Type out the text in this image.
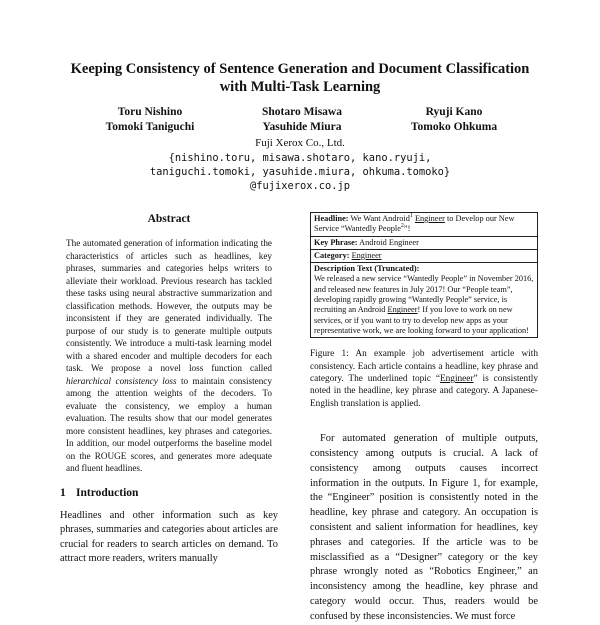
Keeping Consistency of Sentence Generation and Document Classification
with Multi-Task Learning
Toru Nishino
Tomoki Taniguchi
Shotaro Misawa
Yasuhide Miura
Ryuji Kano
Tomoko Ohkuma
Fuji Xerox Co., Ltd.
{nishino.toru, misawa.shotaro, kano.ryuji,
taniguchi.tomoki, yasuhide.miura, ohkuma.tomoko}
@fujixerox.co.jp
Abstract
The automated generation of information indicating the characteristics of articles such as headlines, key phrases, summaries and categories helps writers to alleviate their workload. Previous research has tackled these tasks using neural abstractive summarization and classification methods. However, the outputs may be inconsistent if they are generated individually. The purpose of our study is to generate multiple outputs consistently. We introduce a multi-task learning model with a shared encoder and multiple decoders for each task. We propose a novel loss function called hierarchical consistency loss to maintain consistency among the attention weights of the decoders. To evaluate the consistency, we employ a human evaluation. The results show that our model generates more consistent headlines, key phrases and categories. In addition, our model outperforms the baseline model on the ROUGE scores, and generates more adequate and fluent headlines.
1 Introduction
Headlines and other information such as key phrases, summaries and categories about articles are crucial for readers to search articles on demand. To attract more readers, writers manually
Headline: We Want Android$^1$ Engineer to Develop our New Service “Wantedly People$^2$”!
Key Phrase: Android Engineer
Category: Engineer
Description Text (Truncated):
We released a new service “Wantedly People” in November 2016, and released new features in July 2017! Our “People team”, developing rapidly growing “Wantedly People” service, is recruiting an Android Engineer! If you love to work on new services, or if you want to try to develop new apps as your representative work, we are looking forward to your application!
Figure 1: An example job advertisement article with consistency. Each article contains a headline, key phrase and category. The underlined topic “Engineer” is consistently noted in the headline, key phrase and category. A Japanese-English translation is applied.
For automated generation of multiple outputs, consistency among outputs is crucial. A lack of consistency among outputs causes incorrect information in the outputs. In Figure 1, for example, the “Engineer” position is consistently noted in the headline, key phrase and category. An occupation is consistent and salient information for headlines, key phrases and categories. If the article was to be misclassified as a “Designer” category or the key phrase wrongly noted as “Robotics Engineer,” an inconsistency among the headline, key phrase and category would occur. Thus, readers would be confused by these inconsistencies. We must force
